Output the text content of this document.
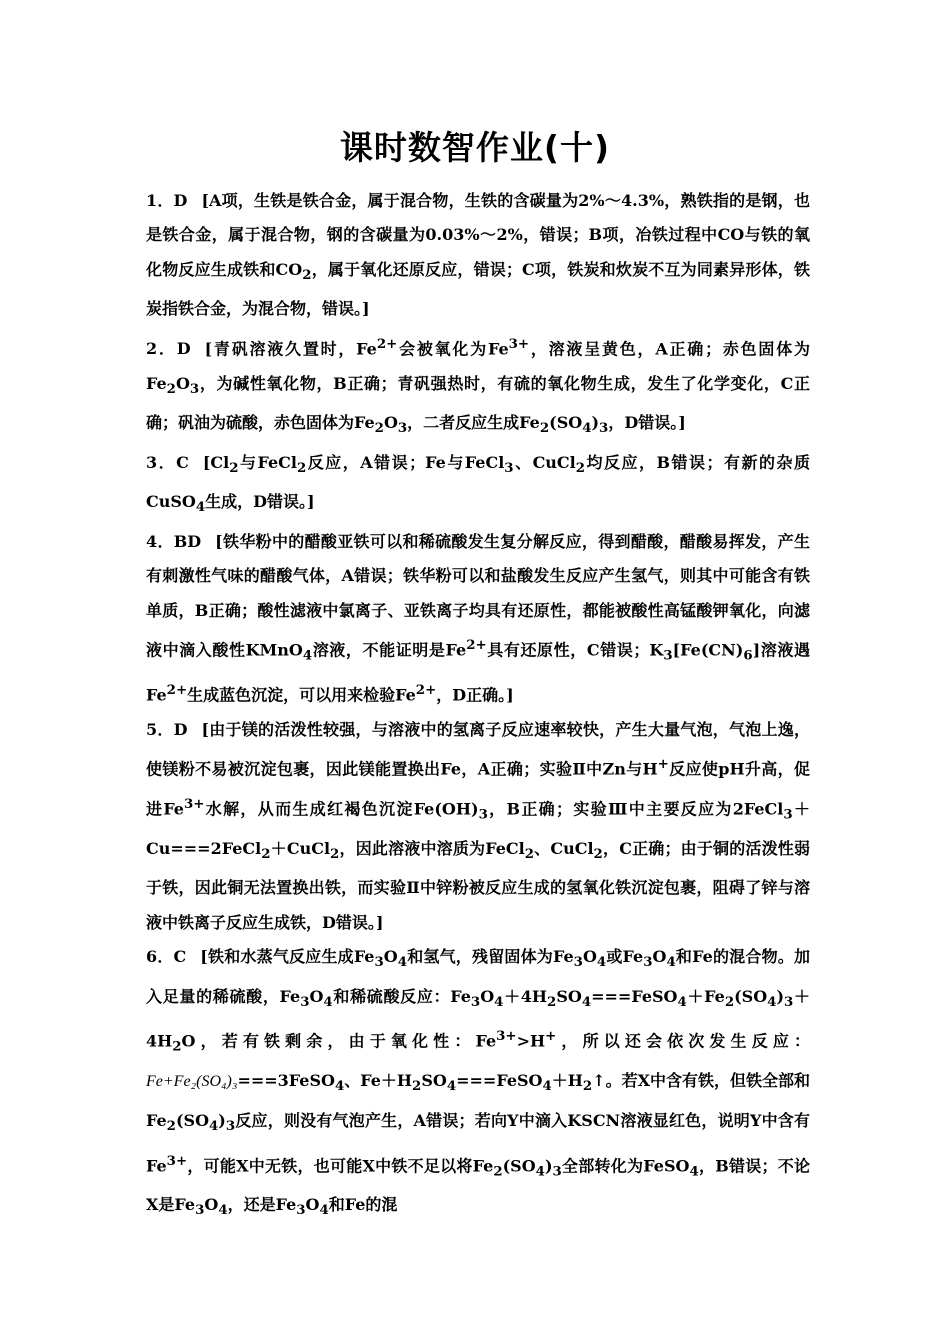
课时数智作业(十)

1．D [A项，生铁是铁合金，属于混合物，生铁的含碳量为2%～4.3%，熟铁指的是钢，也是铁合金，属于混合物，钢的含碳量为0.03%～2%，错误；B项，冶铁过程中CO与铁的氧化物反应生成铁和$CO_2$，属于氧化还原反应，错误；C项，铁炭和炊炭不互为同素异形体，铁炭指铁合金，为混合物，错误。]

2．D [青矾溶液久置时，$Fe^{2+}$会被氧化为$Fe^{3+}$，溶液呈黄色，A正确；赤色固体为$Fe_2O_3$，为碱性氧化物，B正确；青矾强热时，有硫的氧化物生成，发生了化学变化，C正确；矾油为硫酸，赤色固体为$Fe_2O_3$，二者反应生成$Fe_2(SO_4)_3$，D错误。]

3．C [$Cl_2$与FeCl$_2$反应，A错误；Fe与FeCl$_3$、CuCl$_2$均反应，B错误；有新的杂质CuSO$_4$生成，D错误。]

4．BD [铁华粉中的醋酸亚铁可以和稀硫酸发生复分解反应，得到醋酸，醋酸易挥发，产生有刺激性气味的醋酸气体，A错误；铁华粉可以和盐酸发生反应产生氢气，则其中可能含有铁单质，B正确；酸性滤液中氯离子、亚铁离子均具有还原性，都能被酸性高锰酸钾氧化，向滤液中滴入酸性KMnO$_4$溶液，不能证明是$Fe^{2+}$具有还原性，C错误；$K_3[Fe(CN)_6]$溶液遇$Fe^{2+}$生成蓝色沉淀，可以用来检验$Fe^{2+}$，D正确。]

5．D [由于镁的活泼性较强，与溶液中的氢离子反应速率较快，产生大量气泡，气泡上逸，使镁粉不易被沉淀包裹，因此镁能置换出Fe，A正确；实验Ⅱ中Zn与H+反应使pH升高，促进$Fe^{3+}$水解，从而生成红褐色沉淀$Fe(OH)_3$，B正确；实验Ⅲ中主要反应为2FeCl$_3$＋Cu===2FeCl$_2$＋CuCl$_2$，因此溶液中溶质为FeCl$_2$、CuCl$_2$，C正确；由于铜的活泼性弱于铁，因此铜无法置换出铁，而实验Ⅱ中锌粉被反应生成的氢氧化铁沉淀包裹，阻碍了锌与溶液中铁离子反应生成铁，D错误。]

6．C [铁和水蒸气反应生成$Fe_3O_4$和氢气，残留固体为$Fe_3O_4$或$Fe_3O_4$和Fe的混合物。加入足量的稀硫酸，$Fe_3O_4$和稀硫酸反应：$Fe_3O_4+4H_2SO_4===FeSO_4+Fe_2(SO_4)_3+4H_2O$，若有铁剩余，由于氧化性：$Fe^{3+}>H^+$，所以还会依次发生反应：Fe+Fe₂(SO₄)₃===3FeSO$_4$、$Fe+H_2SO_4===FeSO_4+H_2↑$。若X中含有铁，但铁全部和$Fe_2(SO_4)_3$反应，则没有气泡产生，A错误；若向Y中滴入KSCN溶液显红色，说明Y中含有$Fe^{3+}$，可能X中无铁，也可能X中铁不足以将$Fe_2(SO_4)_3$全部转化为FeSO$_4$，B错误；不论X是$Fe_3O_4$，还是$Fe_3O_4$和Fe的混
